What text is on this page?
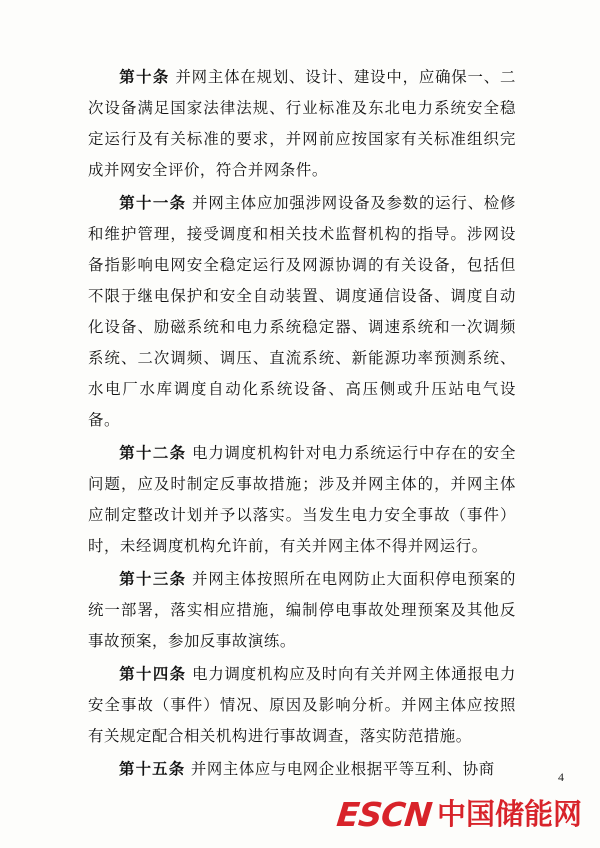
第十条 并网主体在规划、设计、建设中，应确保一、二次设备满足国家法律法规、行业标准及东北电力系统安全稳定运行及有关标准的要求，并网前应按国家有关标准组织完成并网安全评价，符合并网条件。

第十一条 并网主体应加强涉网设备及参数的运行、检修和维护管理，接受调度和相关技术监督机构的指导。涉网设备指影响电网安全稳定运行及网源协调的有关设备，包括但不限于继电保护和安全自动装置、调度通信设备、调度自动化设备、励磁系统和电力系统稳定器、调速系统和一次调频系统、二次调频、调压、直流系统、新能源功率预测系统、水电厂水库调度自动化系统设备、高压侧或升压站电气设备。

第十二条 电力调度机构针对电力系统运行中存在的安全问题，应及时制定反事故措施；涉及并网主体的，并网主体应制定整改计划并予以落实。当发生电力安全事故（事件）时，未经调度机构允许前，有关并网主体不得并网运行。

第十三条 并网主体按照所在电网防止大面积停电预案的统一部署，落实相应措施，编制停电事故处理预案及其他反事故预案，参加反事故演练。

第十四条 电力调度机构应及时向有关并网主体通报电力安全事故（事件）情况、原因及影响分析。并网主体应按照有关规定配合相关机构进行事故调查，落实防范措施。

第十五条 并网主体应与电网企业根据平等互利、协商	4
ESCN 中国储能网
